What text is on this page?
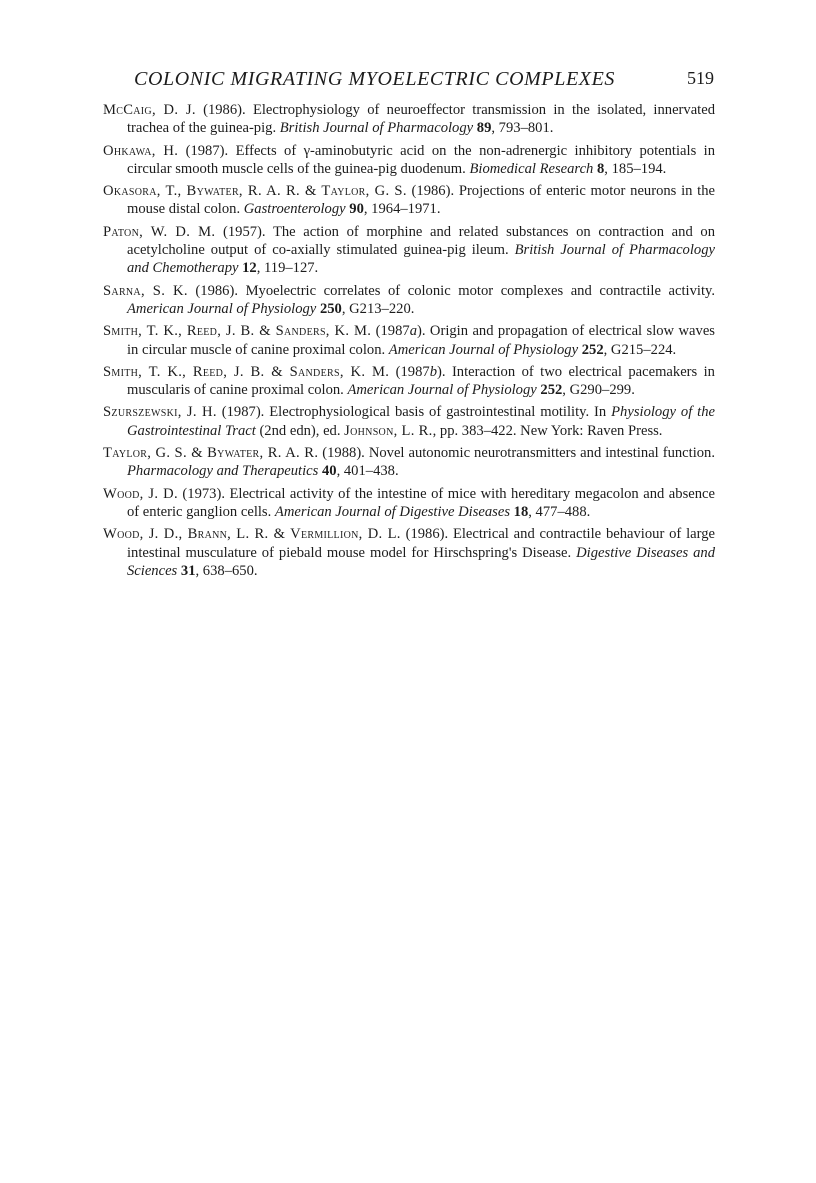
COLONIC MIGRATING MYOELECTRIC COMPLEXES	519

McCaig, D. J. (1986). Electrophysiology of neuroeffector transmission in the isolated, innervated trachea of the guinea-pig. British Journal of Pharmacology 89, 793–801.

Ohkawa, H. (1987). Effects of γ-aminobutyric acid on the non-adrenergic inhibitory potentials in circular smooth muscle cells of the guinea-pig duodenum. Biomedical Research 8, 185–194.

Okasora, T., Bywater, R. A. R. & Taylor, G. S. (1986). Projections of enteric motor neurons in the mouse distal colon. Gastroenterology 90, 1964–1971.

Paton, W. D. M. (1957). The action of morphine and related substances on contraction and on acetylcholine output of co-axially stimulated guinea-pig ileum. British Journal of Pharmacology and Chemotherapy 12, 119–127.

Sarna, S. K. (1986). Myoelectric correlates of colonic motor complexes and contractile activity. American Journal of Physiology 250, G213–220.

Smith, T. K., Reed, J. B. & Sanders, K. M. (1987a). Origin and propagation of electrical slow waves in circular muscle of canine proximal colon. American Journal of Physiology 252, G215–224.

Smith, T. K., Reed, J. B. & Sanders, K. M. (1987b). Interaction of two electrical pacemakers in muscularis of canine proximal colon. American Journal of Physiology 252, G290–299.

Szurszewski, J. H. (1987). Electrophysiological basis of gastrointestinal motility. In Physiology of the Gastrointestinal Tract (2nd edn), ed. Johnson, L. R., pp. 383–422. New York: Raven Press.

Taylor, G. S. & Bywater, R. A. R. (1988). Novel autonomic neurotransmitters and intestinal function. Pharmacology and Therapeutics 40, 401–438.

Wood, J. D. (1973). Electrical activity of the intestine of mice with hereditary megacolon and absence of enteric ganglion cells. American Journal of Digestive Diseases 18, 477–488.

Wood, J. D., Brann, L. R. & Vermillion, D. L. (1986). Electrical and contractile behaviour of large intestinal musculature of piebald mouse model for Hirschspring's Disease. Digestive Diseases and Sciences 31, 638–650.
